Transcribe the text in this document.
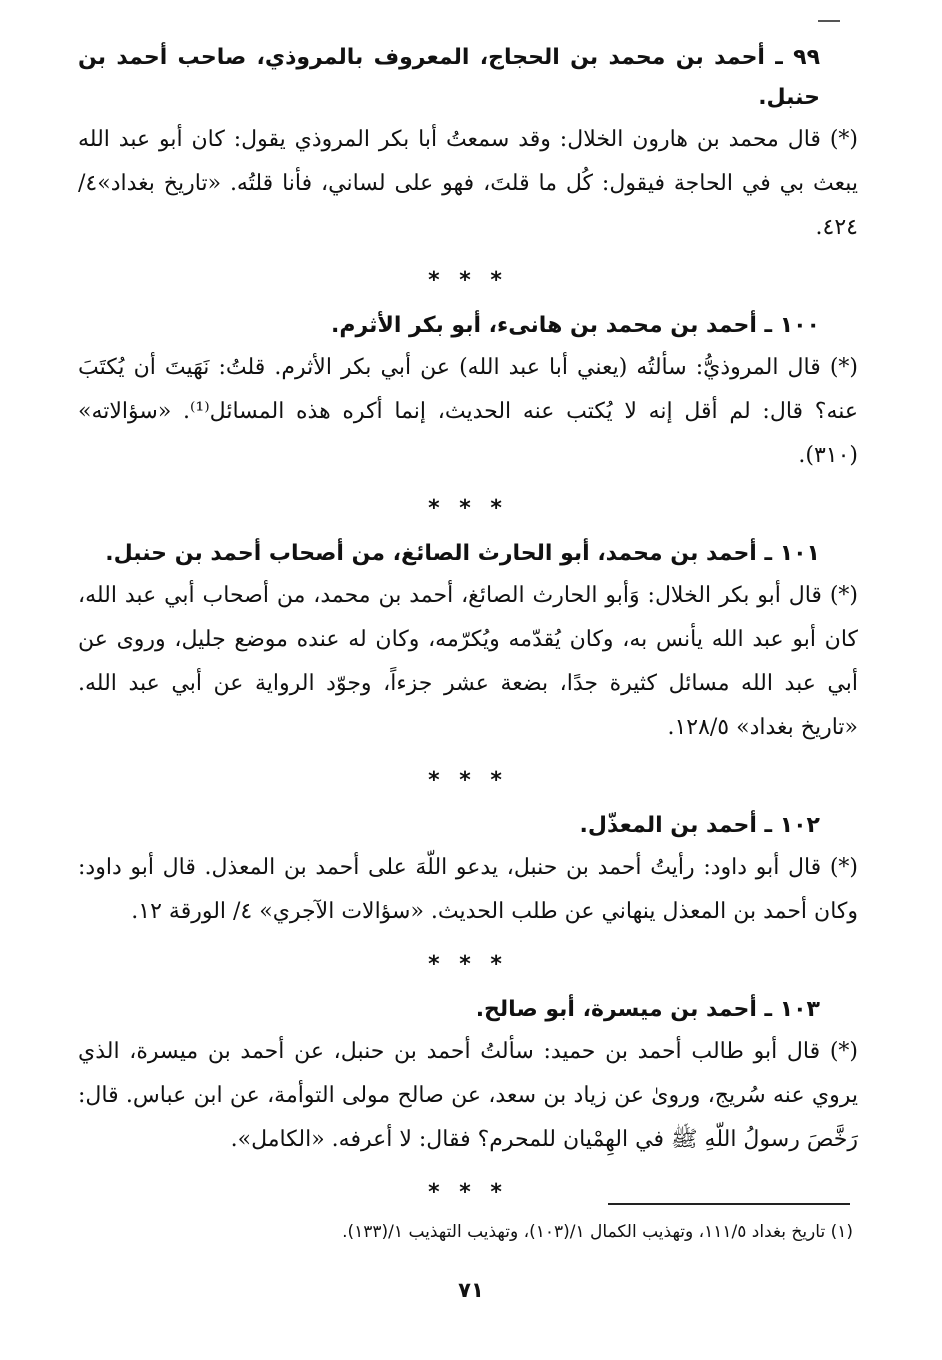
٩٩ ـ أحمد بن محمد بن الحجاج، المعروف بالمروذي، صاحب أحمد بن حنبل.

(*) قال محمد بن هارون الخلال: وقد سمعتُ أبا بكر المروذي يقول: كان أبو عبد الله يبعث بي في الحاجة فيقول: كُل ما قلتَ، فهو على لساني، فأنا قلتُه. «تاريخ بغداد»٤/ ٤٢٤.

* * *

١٠٠ ـ أحمد بن محمد بن هانىء، أبو بكر الأثرم.

(*) قال المروذيُّ: سألتُه (يعني أبا عبد الله) عن أبي بكر الأثرم. قلتُ: نَهَيتَ أن يُكتَبَ عنه؟ قال: لم أقل إنه لا يُكتب عنه الحديث، إنما أكره هذه المسائل⁽¹⁾. «سؤالاته» (٣١٠).

* * *

١٠١ ـ أحمد بن محمد، أبو الحارث الصائغ، من أصحاب أحمد بن حنبل.

(*) قال أبو بكر الخلال: وَأبو الحارث الصائغ، أحمد بن محمد، من أصحاب أبي عبد الله، كان أبو عبد الله يأنس به، وكان يُقدّمه ويُكرّمه، وكان له عنده موضع جليل، وروى عن أبي عبد الله مسائل كثيرة جدًا، بضعة عشر جزءاً، وجوّد الرواية عن أبي عبد الله. «تاريخ بغداد» ١٢٨/٥.

* * *

١٠٢ ـ أحمد بن المعذّل.

(*) قال أبو داود: رأيتُ أحمد بن حنبل، يدعو اللّهَ على أحمد بن المعذل. قال أبو داود: وكان أحمد بن المعذل ينهاني عن طلب الحديث. «سؤالات الآجري» ٤/ الورقة ١٢.

* * *

١٠٣ ـ أحمد بن ميسرة، أبو صالح.

(*) قال أبو طالب أحمد بن حميد: سألتُ أحمد بن حنبل، عن أحمد بن ميسرة، الذي يروي عنه سُريج، وروىٰ عن زياد بن سعد، عن صالح مولى التوأمة، عن ابن عباس. قال: رَخَّصَ رسولُ اللّهِ ﷺ في الهِمْيان للمحرم؟ فقال: لا أعرفه. «الكامل».

* * *
(١) تاريخ بغداد ١١١/٥، وتهذيب الكمال ١/(١٠٣)، وتهذيب التهذيب ١/(١٣٣).
٧١
